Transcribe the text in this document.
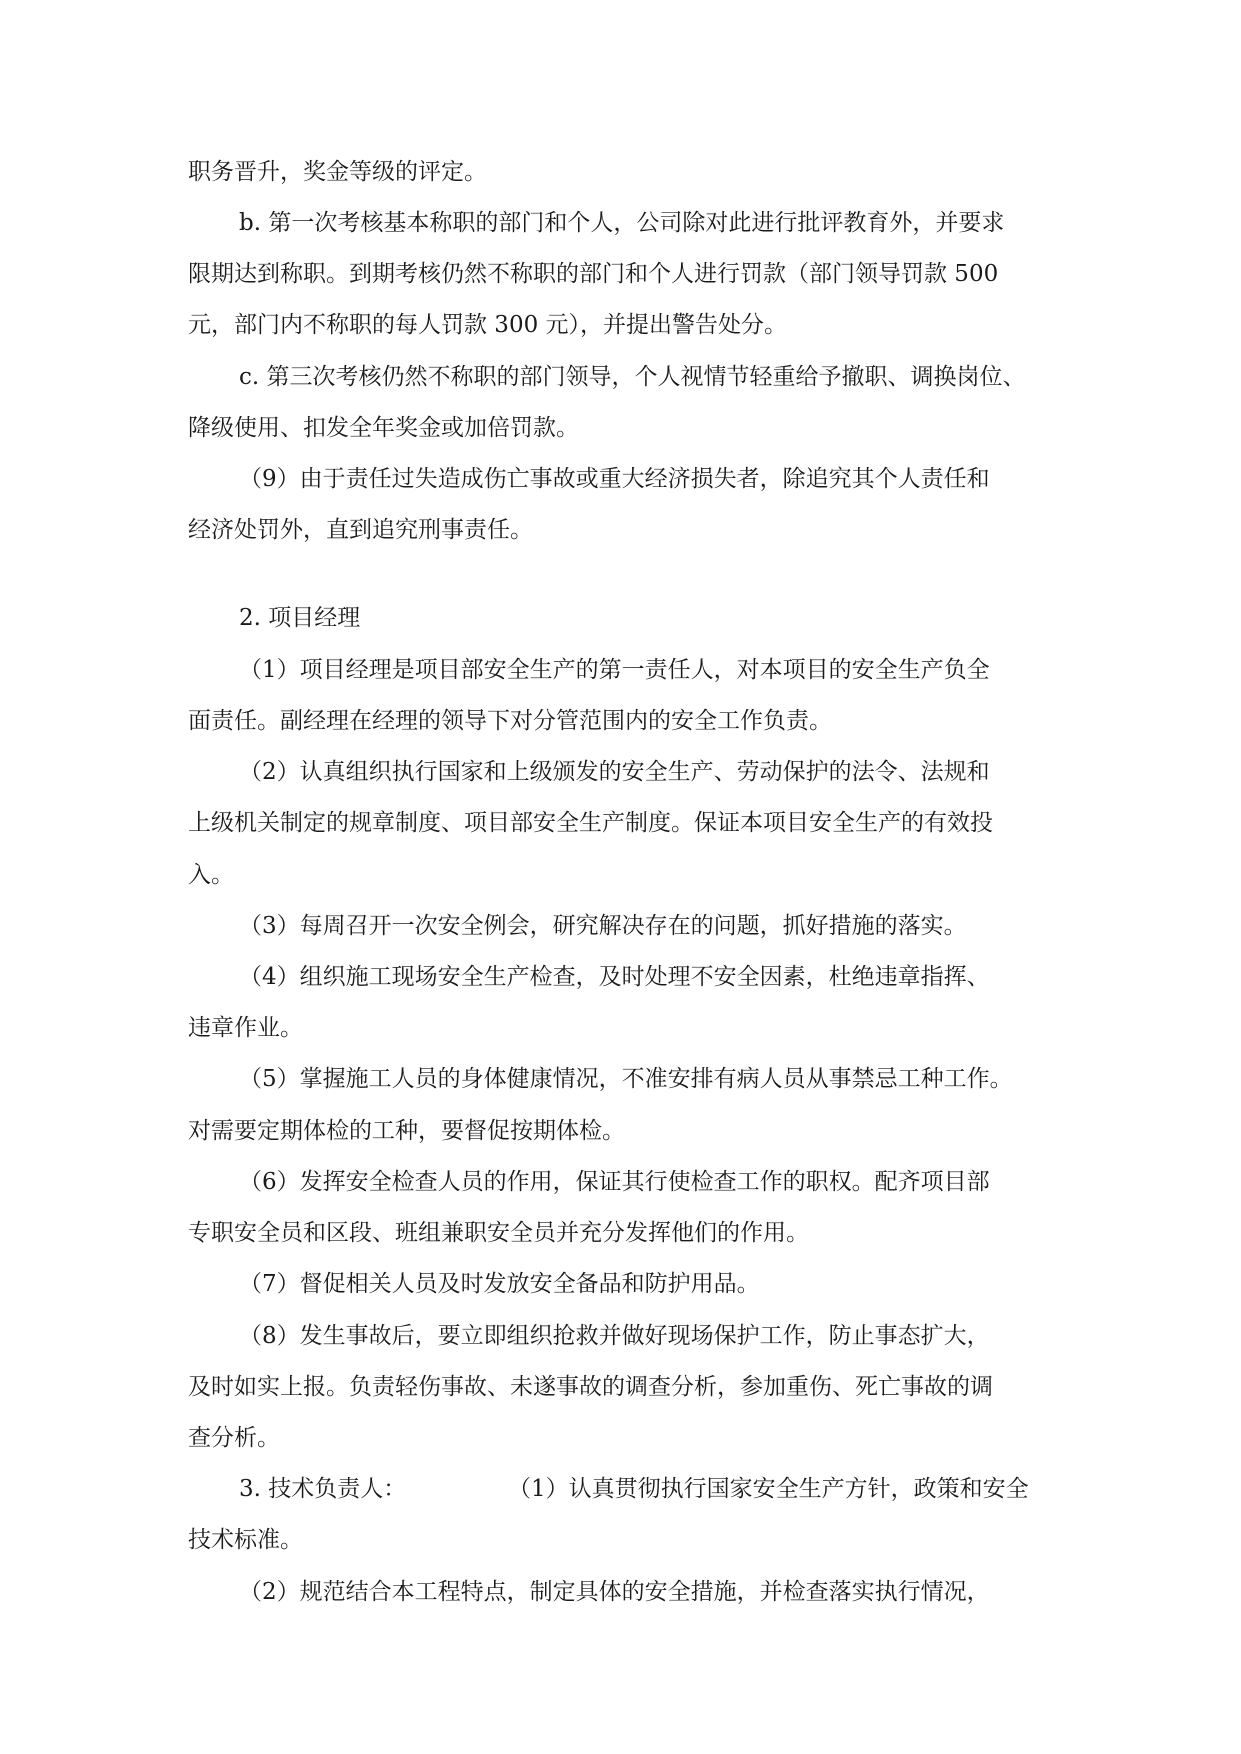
职务晋升，奖金等级的评定。
b. 第一次考核基本称职的部门和个人，公司除对此进行批评教育外，并要求
限期达到称职。到期考核仍然不称职的部门和个人进行罚款（部门领导罚款 500
元，部门内不称职的每人罚款 300 元），并提出警告处分。
c. 第三次考核仍然不称职的部门领导，个人视情节轻重给予撤职、调换岗位、
降级使用、扣发全年奖金或加倍罚款。
（9）由于责任过失造成伤亡事故或重大经济损失者，除追究其个人责任和
经济处罚外，直到追究刑事责任。
2. 项目经理
（1）项目经理是项目部安全生产的第一责任人，对本项目的安全生产负全
面责任。副经理在经理的领导下对分管范围内的安全工作负责。
（2）认真组织执行国家和上级颁发的安全生产、劳动保护的法令、法规和
上级机关制定的规章制度、项目部安全生产制度。保证本项目安全生产的有效投
入。
（3）每周召开一次安全例会，研究解决存在的问题，抓好措施的落实。
（4）组织施工现场安全生产检查，及时处理不安全因素，杜绝违章指挥、
违章作业。
（5）掌握施工人员的身体健康情况，不准安排有病人员从事禁忌工种工作。
对需要定期体检的工种，要督促按期体检。
（6）发挥安全检查人员的作用，保证其行使检查工作的职权。配齐项目部
专职安全员和区段、班组兼职安全员并充分发挥他们的作用。
（7）督促相关人员及时发放安全备品和防护用品。
（8）发生事故后，要立即组织抢救并做好现场保护工作，防止事态扩大，
及时如实上报。负责轻伤事故、未遂事故的调查分析，参加重伤、死亡事故的调
查分析。
3. 技术负责人：	（1）认真贯彻执行国家安全生产方针，政策和安全
技术标准。
（2）规范结合本工程特点，制定具体的安全措施，并检查落实执行情况，
